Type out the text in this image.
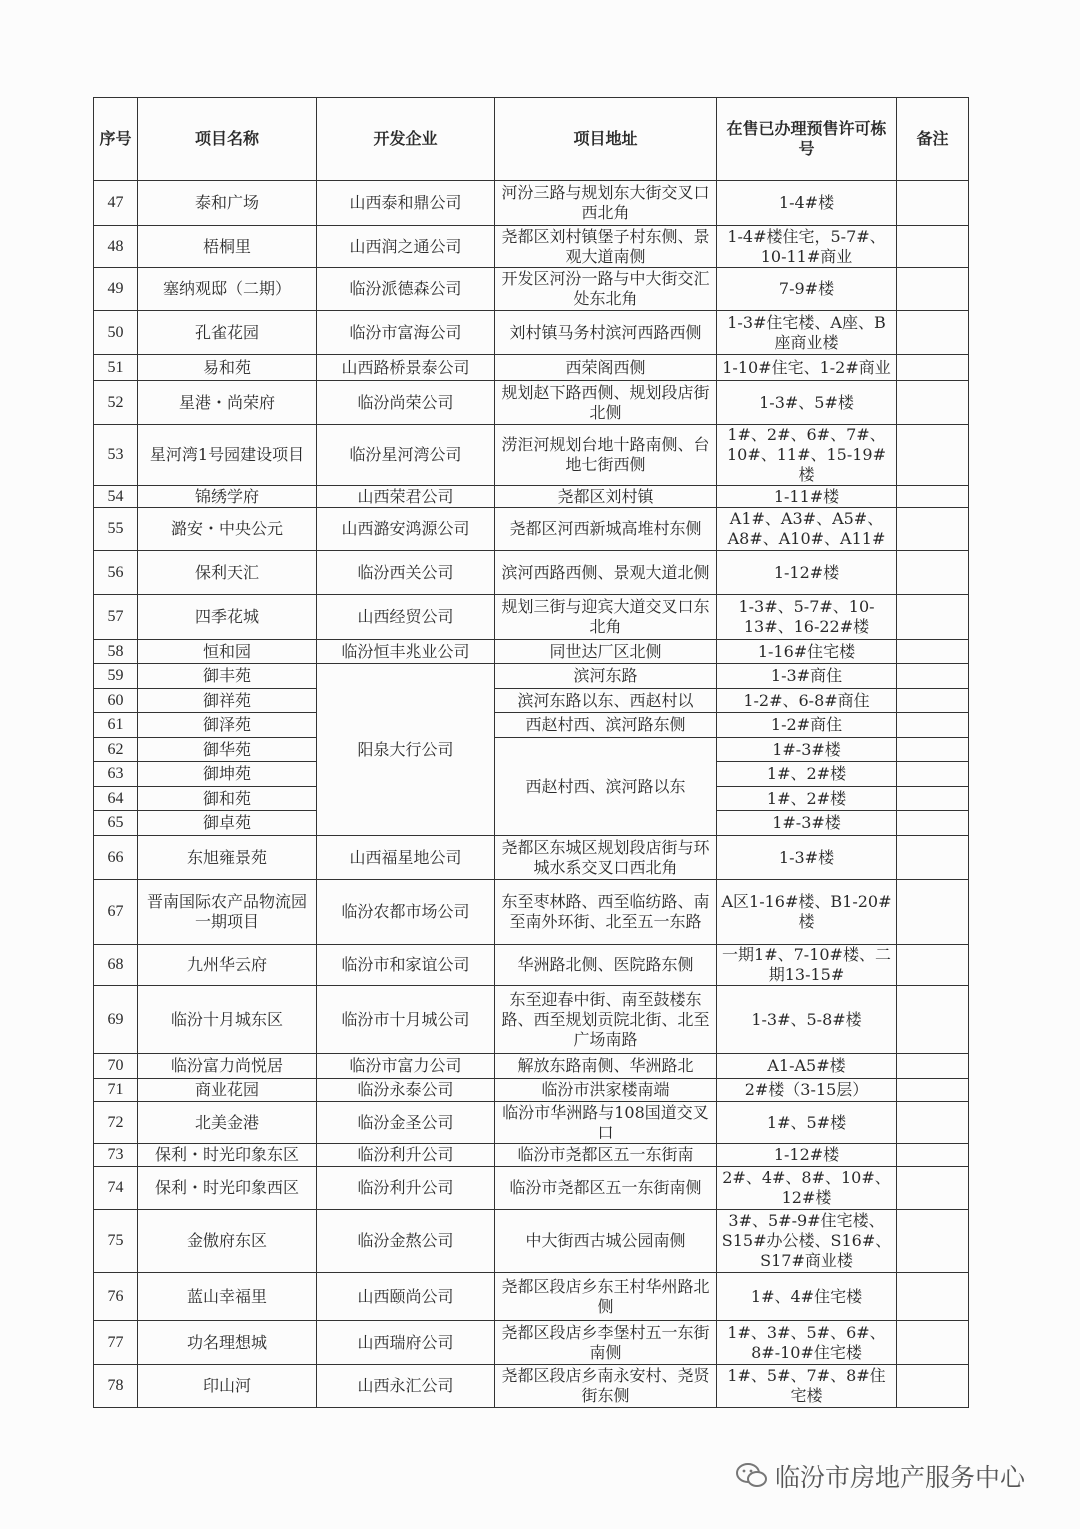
序号	项目名称	开发企业	项目地址	在售已办理预售许可栋号	备注
47	泰和广场	山西泰和鼎公司	河汾三路与规划东大街交叉口西北角	1-4#楼	
48	梧桐里	山西润之通公司	尧都区刘村镇堡子村东侧、景观大道南侧	1-4#楼住宅，5-7#、10-11#商业	
49	塞纳观邸（二期）	临汾派德森公司	开发区河汾一路与中大街交汇处东北角	7-9#楼	
50	孔雀花园	临汾市富海公司	刘村镇马务村滨河西路西侧	1-3#住宅楼、A座、B座商业楼	
51	易和苑	山西路桥景泰公司	西荣阁西侧	1-10#住宅、1-2#商业	
52	星港・尚荣府	临汾尚荣公司	规划赵下路西侧、规划段店街北侧	1-3#、5#楼	
53	星河湾1号园建设项目	临汾星河湾公司	涝洰河规划台地十路南侧、台地七街西侧	1#、2#、6#、7#、10#、11#、15-19#楼	
54	锦绣学府	山西荣君公司	尧都区刘村镇	1-11#楼	
55	潞安・中央公元	山西潞安鸿源公司	尧都区河西新城高堆村东侧	A1#、A3#、A5#、A8#、A10#、A11#	
56	保利天汇	临汾西关公司	滨河西路西侧、景观大道北侧	1-12#楼	
57	四季花城	山西经贸公司	规划三街与迎宾大道交叉口东北角	1-3#、5-7#、10-13#、16-22#楼	
58	恒和园	临汾恒丰兆业公司	同世达厂区北侧	1-16#住宅楼	
59	御丰苑	阳泉大行公司	滨河东路	1-3#商住	
60	御祥苑		滨河东路以东、西赵村以	1-2#、6-8#商住	
61	御泽苑		西赵村西、滨河路东侧	1-2#商住	
62	御华苑		西赵村西、滨河路以东	1#-3#楼	
63	御坤苑			1#、2#楼	
64	御和苑			1#、2#楼	
65	御卓苑			1#-3#楼	
66	东旭雍景苑	山西福星地公司	尧都区东城区规划段店街与环城水系交叉口西北角	1-3#楼	
67	晋南国际农产品物流园一期项目	临汾农都市场公司	东至枣林路、西至临纺路、南至南外环街、北至五一东路	A区1-16#楼、B1-20#楼	
68	九州华云府	临汾市和家谊公司	华洲路北侧、医院路东侧	一期1#、7-10#楼、二期13-15#	
69	临汾十月城东区	临汾市十月城公司	东至迎春中街、南至鼓楼东路、西至规划贡院北街、北至广场南路	1-3#、5-8#楼	
70	临汾富力尚悦居	临汾市富力公司	解放东路南侧、华洲路北	A1-A5#楼	
71	商业花园	临汾永泰公司	临汾市洪家楼南端	2#楼（3-15层）	
72	北美金港	临汾金圣公司	临汾市华洲路与108国道交叉口	1#、5#楼	
73	保利・时光印象东区	临汾利升公司	临汾市尧都区五一东街南	1-12#楼	
74	保利・时光印象西区	临汾利升公司	临汾市尧都区五一东街南侧	2#、4#、8#、10#、12#楼	
75	金傲府东区	临汾金熬公司	中大街西古城公园南侧	3#、5#-9#住宅楼、S15#办公楼、S16#、S17#商业楼	
76	蓝山幸福里	山西颐尚公司	尧都区段店乡东王村华州路北侧	1#、4#住宅楼	
77	功名理想城	山西瑞府公司	尧都区段店乡李堡村五一东街南侧	1#、3#、5#、6#、8#-10#住宅楼	
78	印山河	山西永汇公司	尧都区段店乡南永安村、尧贤街东侧	1#、5#、7#、8#住宅楼	
临汾市房地产服务中心
